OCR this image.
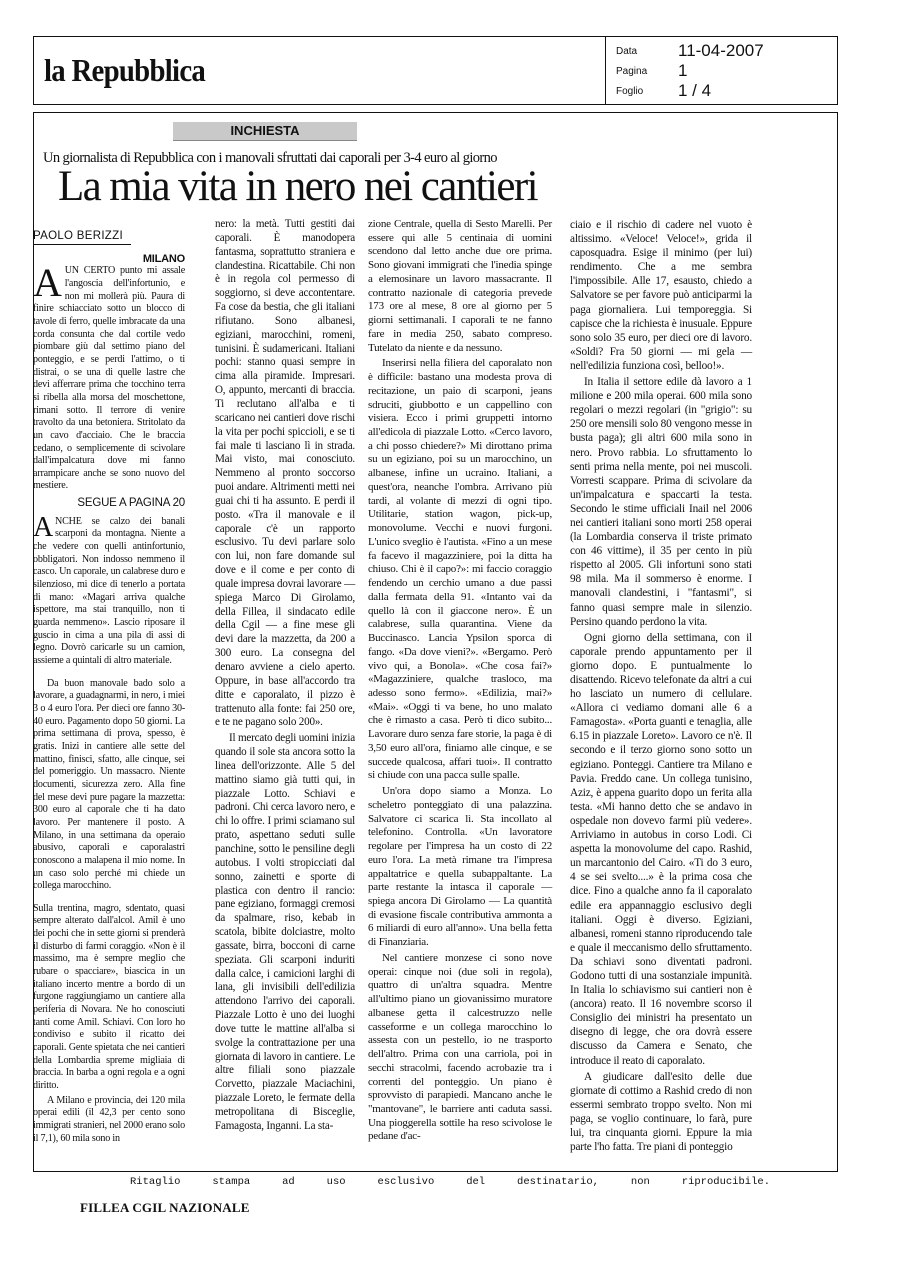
la Repubblica
Data 11-04-2007
Pagina 1
Foglio 1 / 4
INCHIESTA
Un giornalista di Repubblica con i manovali sfruttati dai caporali per 3-4 euro al giorno
La mia vita in nero nei cantieri
PAOLO BERIZZI
MILANO

AUN CERTO punto mi assale l'angoscia dell'infortunio, e non mi mollerà più. Paura di finire schiacciato sotto un blocco di tavole di ferro, quelle imbracate da una corda consunta che dal cortile vedo piombare giù dal settimo piano del ponteggio, e se perdi l'attimo, o ti distrai, o se una di quelle lastre che devi afferrare prima che tocchino terra si ribella alla morsa del moschettone, rimani sotto. Il terrore di venire travolto da una betoniera. Stritolato da un cavo d'acciaio. Che le braccia cedano, o semplicemente di scivolare dall'impalcatura dove mi fanno arrampicare anche se sono nuovo del mestiere.

SEGUE A PAGINA 20

ANCHE se calzo dei banali scarponi da montagna. Niente a che vedere con quelli antinfortunio, obbligatori. Non indosso nemmeno il casco. Un caporale, un calabrese duro e silenzioso, mi dice di tenerlo a portata di mano: «Magari arriva qualche ispettore, ma stai tranquillo, non ti guarda nemmeno». Lascio riposare il guscio in cima a una pila di assi di legno. Dovrò caricarle su un camion, assieme a quintali di altro materiale.

Da buon manovale bado solo a lavorare, a guadagnarmi, in nero, i miei 3 o 4 euro l'ora. Per dieci ore fanno 30-40 euro. Pagamento dopo 50 giorni. La prima settimana di prova, spesso, è gratis. Inizi in cantiere alle sette del mattino, finisci, sfatto, alle cinque, sei del pomeriggio. Un massacro. Niente documenti, sicurezza zero. Alla fine del mese devi pure pagare la mazzetta: 300 euro al caporale che ti ha dato lavoro. Per mantenere il posto. A Milano, in una settimana da operaio abusivo, caporali e caporalastri conoscono a malapena il mio nome. In un caso solo perché mi chiede un collega marocchino.

Sulla trentina, magro, sdentato, quasi sempre alterato dall'alcol. Amil è uno dei pochi che in sette giorni si prenderà il disturbo di farmi coraggio. «Non è il massimo, ma è sempre meglio che rubare o spacciare», biascica in un italiano incerto mentre a bordo di un furgone raggiungiamo un cantiere alla periferia di Novara. Ne ho conosciuti tanti come Amil. Schiavi. Con loro ho condiviso e subito il ricatto dei caporali. Gente spietata che nei cantieri della Lombardia spreme migliaia di braccia. In barba a ogni regola e a ogni diritto.

A Milano e provincia, dei 120 mila operai edili (il 42,3 per cento sono immigrati stranieri, nel 2000 erano solo il 7,1), 60 mila sono in

nero: la metà. Tutti gestiti dai caporali. È manodopera fantasma, soprattutto straniera e clandestina. Ricattabile. Chi non è in regola col permesso di soggiorno, si deve accontentare. Fa cose da bestia, che gli italiani rifiutano. Sono albanesi, egiziani, marocchini, romeni, tunisini. È sudamericani. Italiani pochi: stanno quasi sempre in cima alla piramide. Impresari. O, appunto, mercanti di braccia. Ti reclutano all'alba e ti scaricano nei cantieri dove rischi la vita per pochi spiccioli, e se ti fai male ti lasciano lì in strada. Mai visto, mai conosciuto. Nemmeno al pronto soccorso puoi andare. Altrimenti metti nei guai chi ti ha assunto. E perdi il posto. «Tra il manovale e il caporale c'è un rapporto esclusivo. Tu devi parlare solo con lui, non fare domande sul dove e il come e per conto di quale impresa dovrai lavorare — spiega Marco Di Girolamo, della Fillea, il sindacato edile della Cgil — a fine mese gli devi dare la mazzetta, da 200 a 300 euro. La consegna del denaro avviene a cielo aperto. Oppure, in base all'accordo tra ditte e caporalato, il pizzo è trattenuto alla fonte: fai 250 ore, e te ne pagano solo 200».

Il mercato degli uomini inizia quando il sole sta ancora sotto la linea dell'orizzonte. Alle 5 del mattino siamo già tutti qui, in piazzale Lotto. Schiavi e padroni. Chi cerca lavoro nero, e chi lo offre. I primi sciamano sul prato, aspettano seduti sulle panchine, sotto le pensiline degli autobus. I volti stropicciati dal sonno, zainetti e sporte di plastica con dentro il rancio: pane egiziano, formaggi cremosi da spalmare, riso, kebab in scatola, bibite dolciastre, molto gassate, birra, bocconi di carne speziata. Gli scarponi induriti dalla calce, i camicioni larghi di lana, gli invisibili dell'edilizia attendono l'arrivo dei caporali. Piazzale Lotto è uno dei luoghi dove tutte le mattine all'alba si svolge la contrattazione per una giornata di lavoro in cantiere. Le altre filiali sono piazzale Corvetto, piazzale Maciachini, piazzale Loreto, le fermate della metropolitana di Bisceglie, Famagosta, Inganni. La sta-

zione Centrale, quella di Sesto Marelli. Per essere qui alle 5 centinaia di uomini scendono dal letto anche due ore prima. Sono giovani immigrati che l'inedia spinge a elemosinare un lavoro massacrante. Il contratto nazionale di categoria prevede 173 ore al mese, 8 ore al giorno per 5 giorni settimanali. I caporali te ne fanno fare in media 250, sabato compreso. Tutelato da niente e da nessuno.

Inserirsi nella filiera del caporalato non è difficile: bastano una modesta prova di recitazione, un paio di scarponi, jeans sdruciti, giubbotto e un cappellino con visiera. Ecco i primi gruppetti intorno all'edicola di piazzale Lotto. «Cerco lavoro, a chi posso chiedere?» Mi dirottano prima su un egiziano, poi su un marocchino, un albanese, infine un ucraino. Italiani, a quest'ora, neanche l'ombra. Arrivano più tardi, al volante di mezzi di ogni tipo. Utilitarie, station wagon, pick-up, monovolume. Vecchi e nuovi furgoni. L'unico sveglio è l'autista. «Fino a un mese fa facevo il magazziniere, poi la ditta ha chiuso. Chi è il capo?»: mi faccio coraggio fendendo un cerchio umano a due passi dalla fermata della 91. «Intanto vai da quello là con il giaccone nero». È un calabrese, sulla quarantina. Viene da Buccinasco. Lancia Ypsilon sporca di fango. «Da dove vieni?». «Bergamo. Però vivo qui, a Bonola». «Che cosa fai?» «Magazziniere, qualche trasloco, ma adesso sono fermo». «Edilizia, mai?» «Mai». «Oggi ti va bene, ho uno malato che è rimasto a casa. Però ti dico subito... Lavorare duro senza fare storie, la paga è di 3,50 euro all'ora, finiamo alle cinque, e se succede qualcosa, affari tuoi». Il contratto si chiude con una pacca sulle spalle.

Un'ora dopo siamo a Monza. Lo scheletro ponteggiato di una palazzina. Salvatore ci scarica lì. Sta incollato al telefonino. Controlla. «Un lavoratore regolare per l'impresa ha un costo di 22 euro l'ora. La metà rimane tra l'impresa appaltatrice e quella subappaltante. La parte restante la intasca il caporale — spiega ancora Di Girolamo — La quantità di evasione fiscale contributiva ammonta a 6 miliardi di euro all'anno». Una bella fetta di Finanziaria.

Nel cantiere monzese ci sono nove operai: cinque noi (due soli in regola), quattro di un'altra squadra. Mentre all'ultimo piano un giovanissimo muratore albanese getta il calcestruzzo nelle casseforme e un collega marocchino lo assesta con un pestello, io ne trasporto dell'altro. Prima con una carriola, poi in secchi stracolmi, facendo acrobazie tra i correnti del ponteggio. Un piano è sprovvisto di parapiedi. Mancano anche le "mantovane", le barriere anti caduta sassi. Una pioggerella sottile ha reso scivolose le pedane d'ac-

ciaio e il rischio di cadere nel vuoto è altissimo. «Veloce! Veloce!», grida il caposquadra. Esige il minimo (per lui) rendimento. Che a me sembra l'impossibile. Alle 17, esausto, chiedo a Salvatore se per favore può anticiparmi la paga giornaliera. Lui temporeggia. Si capisce che la richiesta è inusuale. Eppure sono solo 35 euro, per dieci ore di lavoro. «Soldi? Fra 50 giorni — mi gela — nell'edilizia funziona così, belloo!».

In Italia il settore edile dà lavoro a 1 milione e 200 mila operai. 600 mila sono regolari o mezzi regolari (in "grigio": su 250 ore mensili solo 80 vengono messe in busta paga); gli altri 600 mila sono in nero. Provo rabbia. Lo sfruttamento lo senti prima nella mente, poi nei muscoli. Vorresti scappare. Prima di scivolare da un'impalcatura e spaccarti la testa. Secondo le stime ufficiali Inail nel 2006 nei cantieri italiani sono morti 258 operai (la Lombardia conserva il triste primato con 46 vittime), il 35 per cento in più rispetto al 2005. Gli infortuni sono stati 98 mila. Ma il sommerso è enorme. I manovali clandestini, i "fantasmi", si fanno quasi sempre male in silenzio. Persino quando perdono la vita.

Ogni giorno della settimana, con il caporale prendo appuntamento per il giorno dopo. E puntualmente lo disattendo. Ricevo telefonate da altri a cui ho lasciato un numero di cellulare. «Allora ci vediamo domani alle 6 a Famagosta». «Porta guanti e tenaglia, alle 6.15 in piazzale Loreto». Lavoro ce n'è. Il secondo e il terzo giorno sono sotto un egiziano. Ponteggi. Cantiere tra Milano e Pavia. Freddo cane. Un collega tunisino, Aziz, è appena guarito dopo un ferita alla testa. «Mi hanno detto che se andavo in ospedale non dovevo farmi più vedere». Arriviamo in autobus in corso Lodi. Ci aspetta la monovolume del capo. Rashid, un marcantonio del Cairo. «Ti do 3 euro, 4 se sei svelto....» è la prima cosa che dice. Fino a qualche anno fa il caporalato edile era appannaggio esclusivo degli italiani. Oggi è diverso. Egiziani, albanesi, romeni stanno riproducendo tale e quale il meccanismo dello sfruttamento. Da schiavi sono diventati padroni. Godono tutti di una sostanziale impunità. In Italia lo schiavismo sui cantieri non è (ancora) reato. Il 16 novembre scorso il Consiglio dei ministri ha presentato un disegno di legge, che ora dovrà essere discusso da Camera e Senato, che introduce il reato di caporalato.

A giudicare dall'esito delle due giornate di cottimo a Rashid credo di non essermi sembrato troppo svelto. Non mi paga, se voglio continuare, lo farà, pure lui, tra cinquanta giorni. Eppure la mia parte l'ho fatta. Tre piani di ponteggio

Ritaglio stampa ad uso esclusivo del destinatario, non riproducibile.
FILLEA CGIL NAZIONALE
